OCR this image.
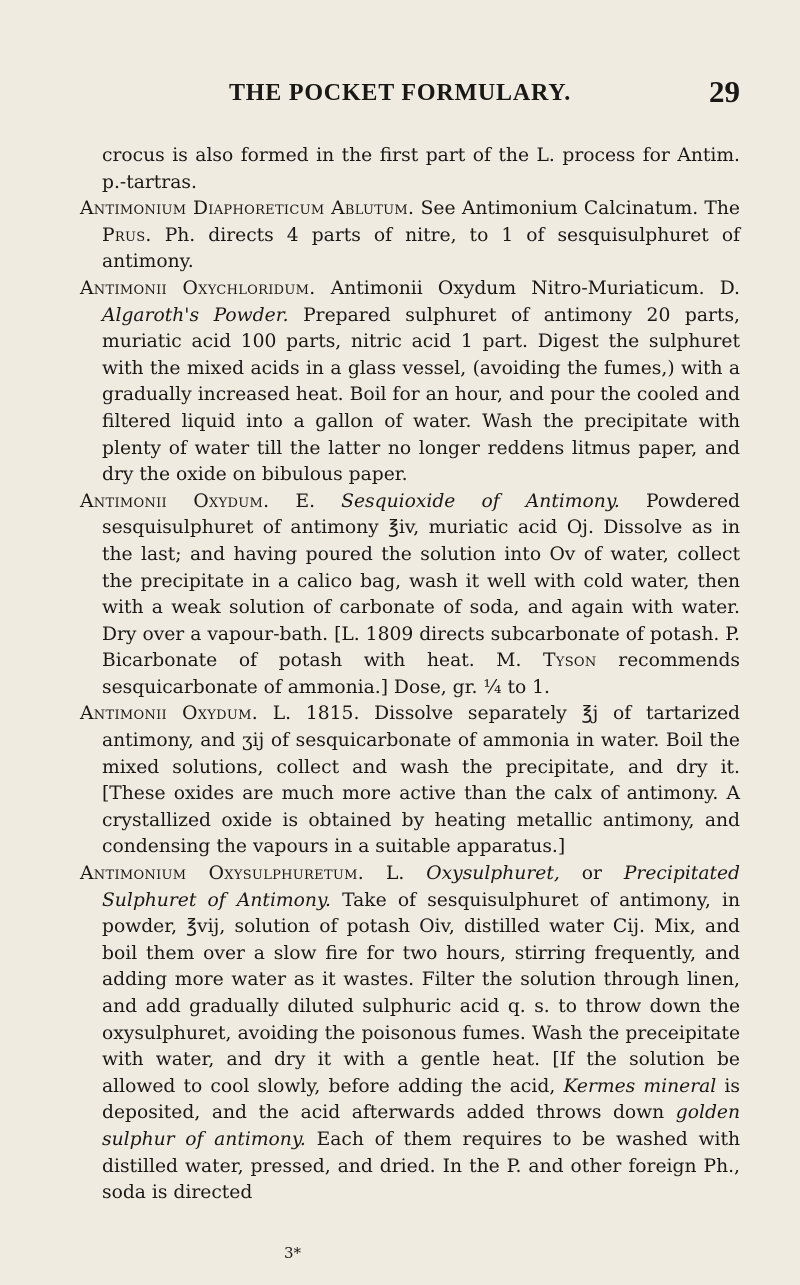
THE POCKET FORMULARY.	29

crocus is also formed in the first part of the L. process for Antim. p.-tartras.

Antimonium Diaphoreticum Ablutum. See Antimonium Calcinatum. The Prus. Ph. directs 4 parts of nitre, to 1 of sesquisulphuret of antimony.

Antimonii Oxychloridum. Antimonii Oxydum Nitro-Muriaticum. D. Algaroth's Powder. Prepared sulphuret of antimony 20 parts, muriatic acid 100 parts, nitric acid 1 part. Digest the sulphuret with the mixed acids in a glass vessel, (avoiding the fumes,) with a gradually increased heat. Boil for an hour, and pour the cooled and filtered liquid into a gallon of water. Wash the precipitate with plenty of water till the latter no longer reddens litmus paper, and dry the oxide on bibulous paper.

Antimonii Oxydum. E. Sesquioxide of Antimony. Powdered sesquisulphuret of antimony ℥iv, muriatic acid Oj. Dissolve as in the last; and having poured the solution into Ov of water, collect the precipitate in a calico bag, wash it well with cold water, then with a weak solution of carbonate of soda, and again with water. Dry over a vapour-bath. [L. 1809 directs subcarbonate of potash. P. Bicarbonate of potash with heat. M. Tyson recommends sesquicarbonate of ammonia.] Dose, gr. ¼ to 1.

Antimonii Oxydum. L. 1815. Dissolve separately ℥j of tartarized antimony, and ʒij of sesquicarbonate of ammonia in water. Boil the mixed solutions, collect and wash the precipitate, and dry it. [These oxides are much more active than the calx of antimony. A crystallized oxide is obtained by heating metallic antimony, and condensing the vapours in a suitable apparatus.]

Antimonium Oxysulphuretum. L. Oxysulphuret, or Precipitated Sulphuret of Antimony. Take of sesquisulphuret of antimony, in powder, ℥vij, solution of potash Oiv, distilled water Cij. Mix, and boil them over a slow fire for two hours, stirring frequently, and adding more water as it wastes. Filter the solution through linen, and add gradually diluted sulphuric acid q. s. to throw down the oxysulphuret, avoiding the poisonous fumes. Wash the preceipitate with water, and dry it with a gentle heat. [If the solution be allowed to cool slowly, before adding the acid, Kermes mineral is deposited, and the acid afterwards added throws down golden sulphur of antimony. Each of them requires to be washed with distilled water, pressed, and dried. In the P. and other foreign Ph., soda is directed

3*
